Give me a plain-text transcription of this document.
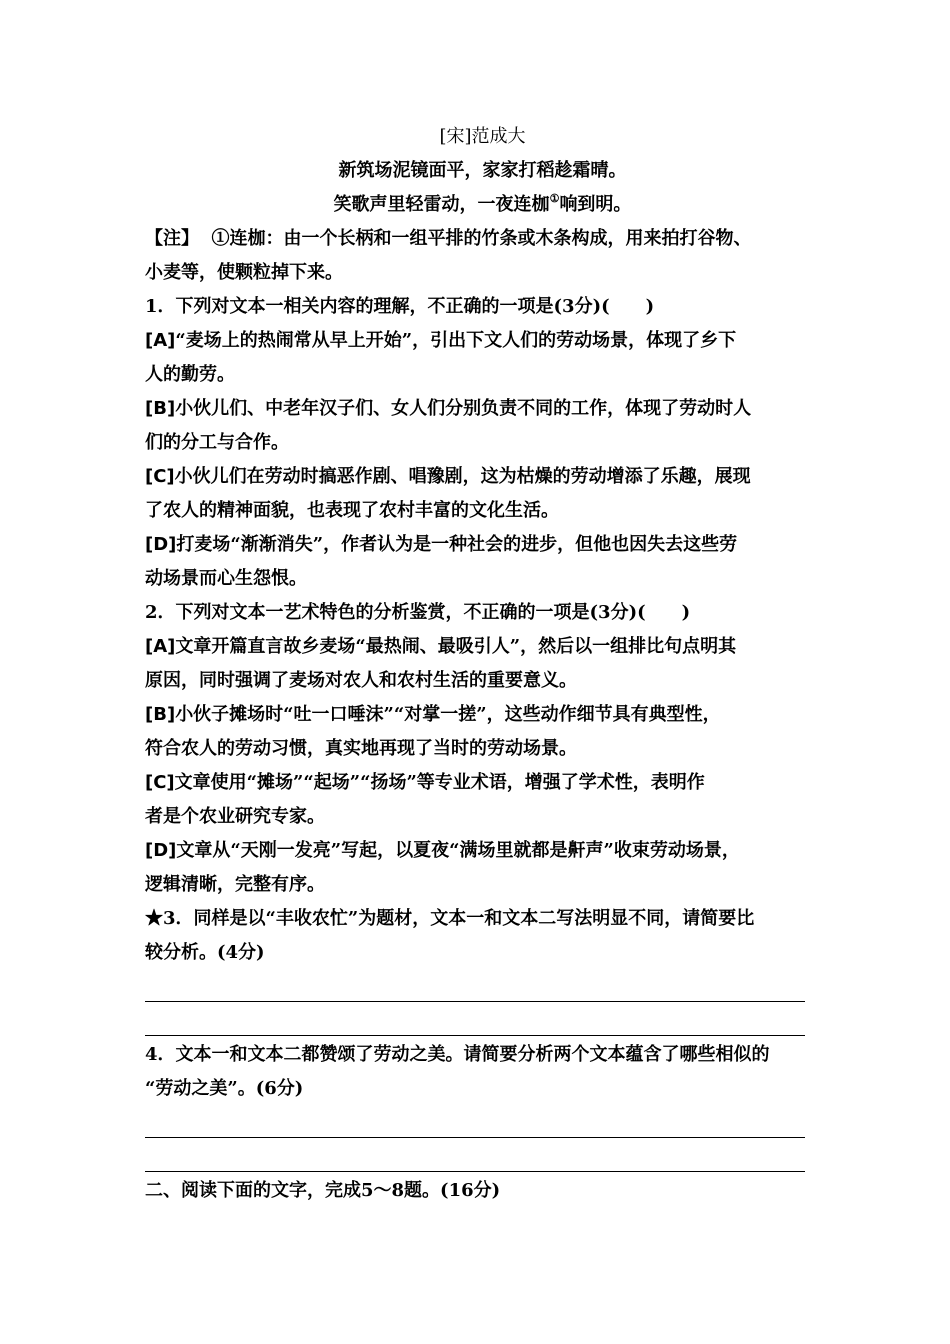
[宋]范成大
新筑场泥镜面平，家家打稻趁霜晴。
笑歌声里轻雷动，一夜连枷①响到明。
【注】 ①连枷：由一个长柄和一组平排的竹条或木条构成，用来拍打谷物、
小麦等，使颗粒掉下来。
1．下列对文本一相关内容的理解，不正确的一项是(3分)(　　)
[A]“麦场上的热闹常从早上开始”，引出下文人们的劳动场景，体现了乡下
人的勤劳。
[B]小伙儿们、中老年汉子们、女人们分别负责不同的工作，体现了劳动时人
们的分工与合作。
[C]小伙儿们在劳动时搞恶作剧、唱豫剧，这为枯燥的劳动增添了乐趣，展现
了农人的精神面貌，也表现了农村丰富的文化生活。
[D]打麦场“渐渐消失”，作者认为是一种社会的进步，但他也因失去这些劳
动场景而心生怨恨。
2．下列对文本一艺术特色的分析鉴赏，不正确的一项是(3分)(　　)
[A]文章开篇直言故乡麦场“最热闹、最吸引人”，然后以一组排比句点明其
原因，同时强调了麦场对农人和农村生活的重要意义。
[B]小伙子摊场时“吐一口唾沫”“对掌一搓”，这些动作细节具有典型性，
符合农人的劳动习惯，真实地再现了当时的劳动场景。
[C]文章使用“摊场”“起场”“扬场”等专业术语，增强了学术性，表明作
者是个农业研究专家。
[D]文章从“天刚一发亮”写起，以夏夜“满场里就都是鼾声”收束劳动场景，
逻辑清晰，完整有序。
★3．同样是以“丰收农忙”为题材，文本一和文本二写法明显不同，请简要比
较分析。(4分)
4．文本一和文本二都赞颂了劳动之美。请简要分析两个文本蕴含了哪些相似的
“劳动之美”。(6分)
二、阅读下面的文字，完成5～8题。(16分)
